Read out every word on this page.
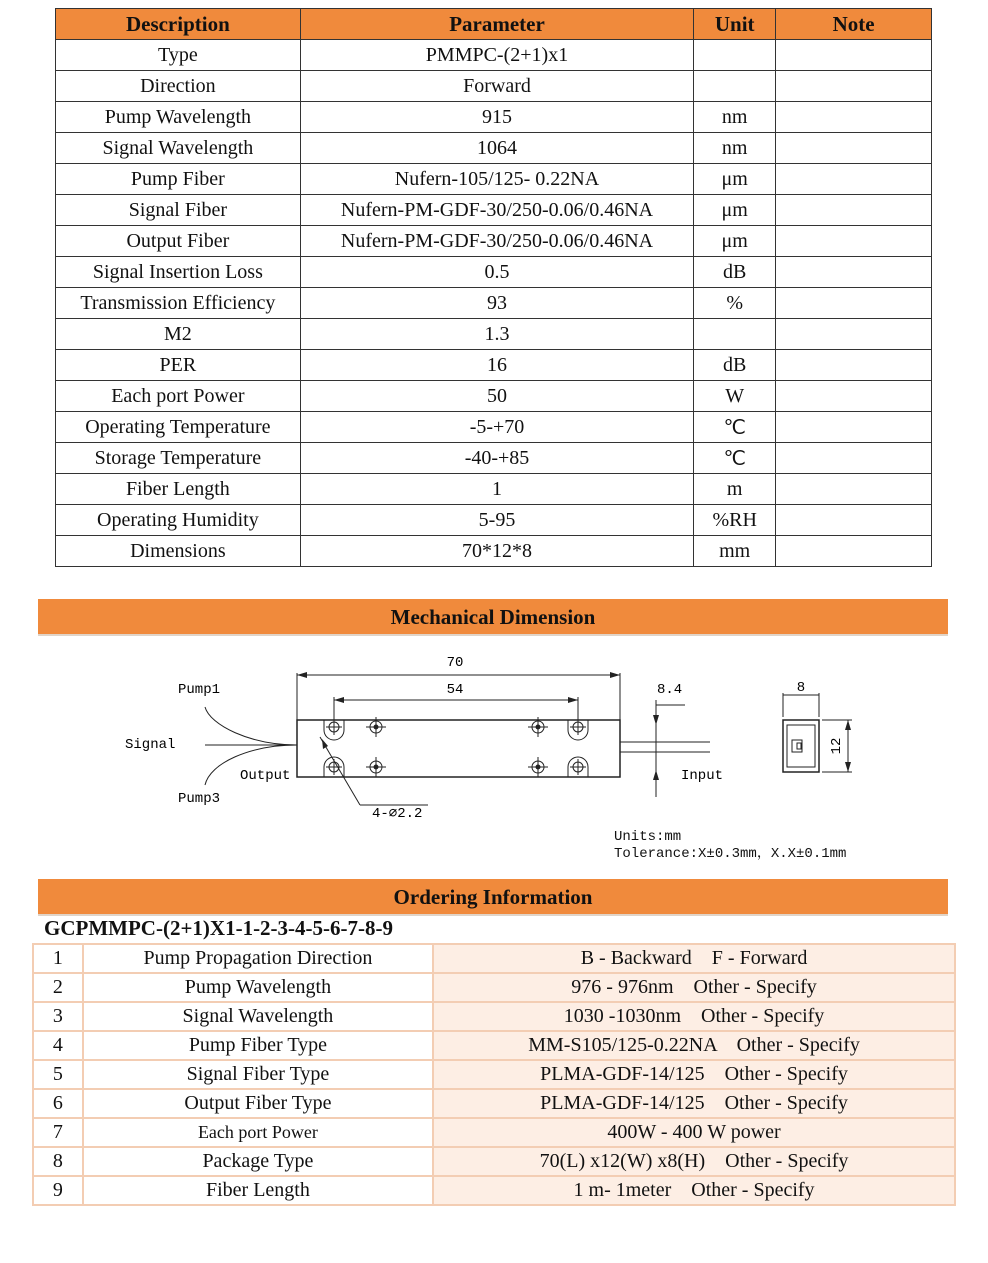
Description	Parameter	Unit	Note
Type	PMMPC-(2+1)x1		
Direction	Forward		
Pump Wavelength	915	nm	
Signal Wavelength	1064	nm	
Pump Fiber	Nufern-105/125- 0.22NA	μm	
Signal Fiber	Nufern-PM-GDF-30/250-0.06/0.46NA	μm	
Output Fiber	Nufern-PM-GDF-30/250-0.06/0.46NA	μm	
Signal Insertion Loss	0.5	dB	
Transmission Efficiency	93	%	
M2	1.3		
PER	16	dB	
Each port Power	50	W	
Operating Temperature	-5-+70	℃	
Storage Temperature	-40-+85	℃	
Fiber Length	1	m	
Operating Humidity	5-95	%RH	
Dimensions	70*12*8	mm	
Mechanical Dimension
70
54
4-∅2.2
Pump1
Signal
Pump3
Output
8.4
Input
8
12
Units:mm
Tolerance:X±0.3mm，X.X±0.1mm
Ordering Information
GCPMMPC-(2+1)X1-1-2-3-4-5-6-7-8-9
1	Pump Propagation Direction	B - Backward    F - Forward
2	Pump Wavelength	976 - 976nm    Other - Specify
3	Signal Wavelength	1030 -1030nm    Other - Specify
4	Pump Fiber Type	MM-S105/125-0.22NA    Other - Specify
5	Signal Fiber Type	PLMA-GDF-14/125    Other - Specify
6	Output Fiber Type	PLMA-GDF-14/125    Other - Specify
7	Each port Power	400W - 400 W power
8	Package Type	70(L) x12(W) x8(H)    Other - Specify
9	Fiber Length	1 m- 1meter    Other - Specify
